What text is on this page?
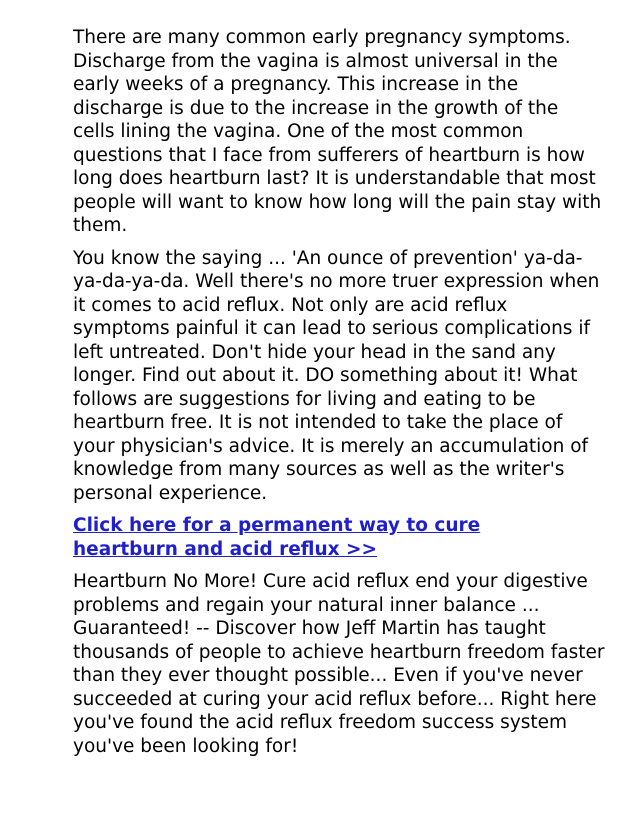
There are many common early pregnancy symptoms. Discharge from the vagina is almost universal in the early weeks of a pregnancy. This increase in the discharge is due to the increase in the growth of the cells lining the vagina. One of the most common questions that I face from sufferers of heartburn is how long does heartburn last? It is understandable that most people will want to know how long will the pain stay with them.

You know the saying ... 'An ounce of prevention' ya-da-ya-da-ya-da. Well there's no more truer expression when it comes to acid reflux. Not only are acid reflux symptoms painful it can lead to serious complications if left untreated. Don't hide your head in the sand any longer. Find out about it. DO something about it! What follows are suggestions for living and eating to be heartburn free. It is not intended to take the place of your physician's advice. It is merely an accumulation of knowledge from many sources as well as the writer's personal experience.

Click here for a permanent way to cure
heartburn and acid reflux >>

Heartburn No More! Cure acid reflux end your digestive problems and regain your natural inner balance ... Guaranteed! -- Discover how Jeff Martin has taught thousands of people to achieve heartburn freedom faster than they ever thought possible... Even if you've never succeeded at curing your acid reflux before... Right here you've found the acid reflux freedom success system you've been looking for!
